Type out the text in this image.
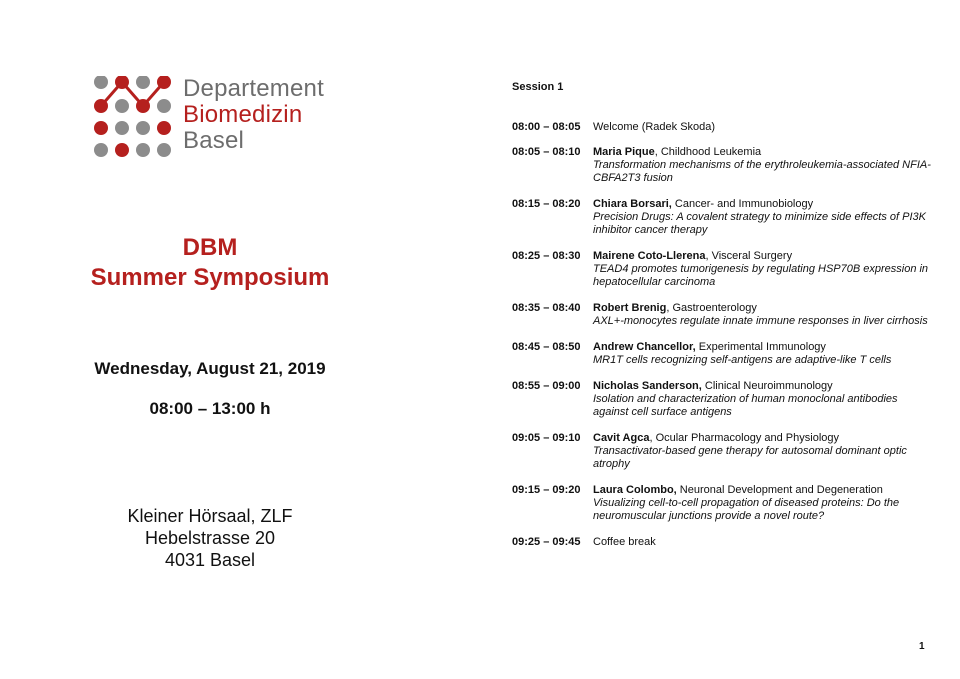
Departement
Biomedizin
Basel
DBM
Summer Symposium
Wednesday, August 21, 2019
08:00 – 13:00 h
Kleiner Hörsaal, ZLF
Hebelstrasse 20
4031 Basel
Session 1
08:00 – 08:05	Welcome (Radek Skoda)
08:05 – 08:10	Maria Pique, Childhood Leukemia
Transformation mechanisms of the erythroleukemia-associated NFIA-CBFA2T3 fusion
08:15 – 08:20	Chiara Borsari, Cancer- and Immunobiology
Precision Drugs: A covalent strategy to minimize side effects of PI3K inhibitor cancer therapy
08:25 – 08:30	Mairene Coto-Llerena, Visceral Surgery
TEAD4 promotes tumorigenesis by regulating HSP70B expression in hepatocellular carcinoma
08:35 – 08:40	Robert Brenig, Gastroenterology
AXL+-monocytes regulate innate immune responses in liver cirrhosis
08:45 – 08:50	Andrew Chancellor, Experimental Immunology
MR1T cells recognizing self-antigens are adaptive-like T cells
08:55 – 09:00	Nicholas Sanderson, Clinical Neuroimmunology
Isolation and characterization of human monoclonal antibodies against cell surface antigens
09:05 – 09:10	Cavit Agca, Ocular Pharmacology and Physiology
Transactivator-based gene therapy for autosomal dominant optic atrophy
09:15 – 09:20	Laura Colombo, Neuronal Development and Degeneration
Visualizing cell-to-cell propagation of diseased proteins: Do the neuromuscular junctions provide a novel route?
09:25 – 09:45	Coffee break
1
